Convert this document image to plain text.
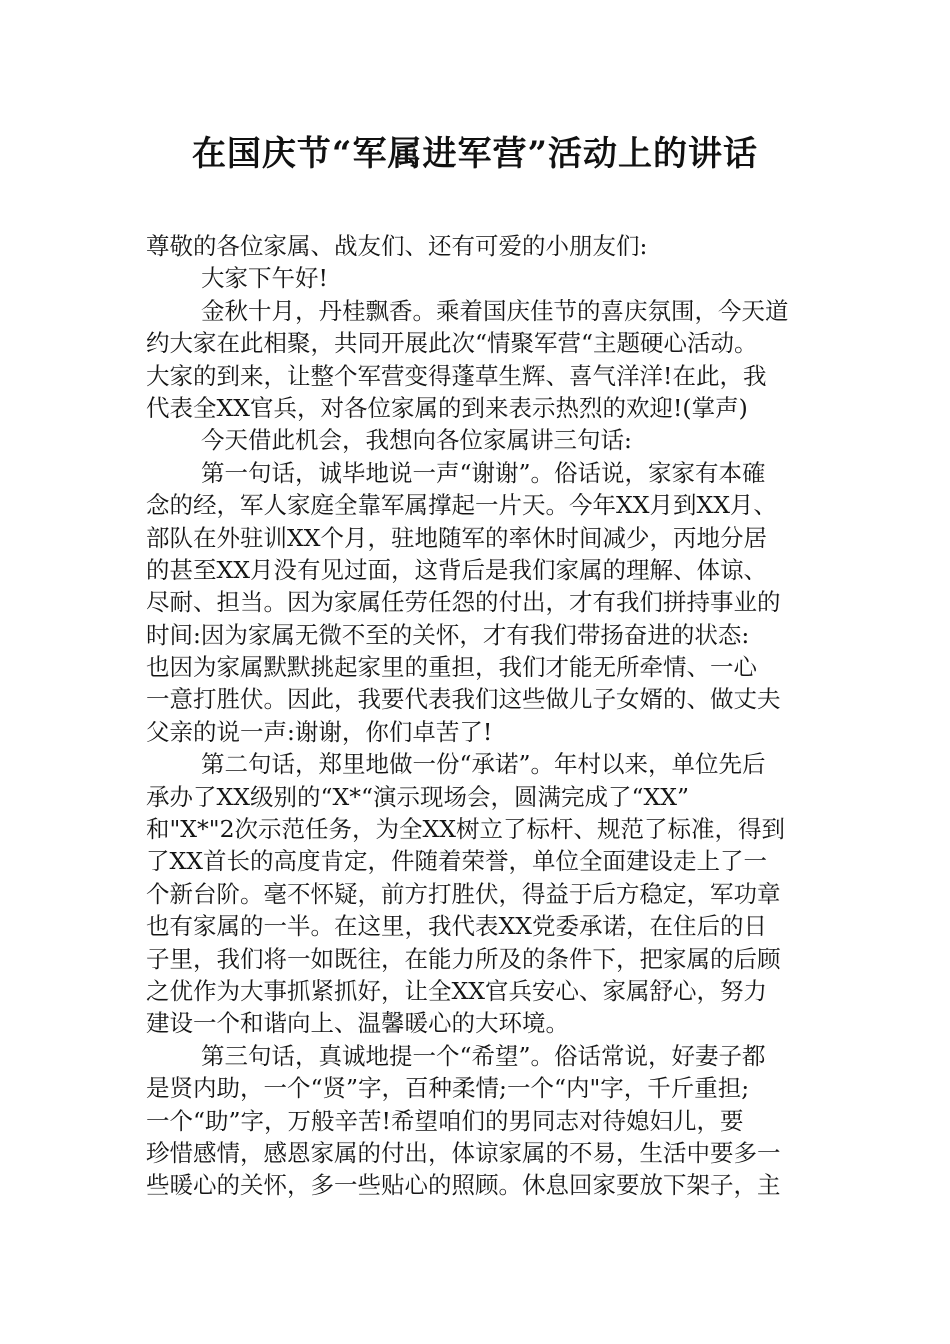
在国庆节“军属进军营”活动上的讲话
尊敬的各位家属、战友们、还有可爱的小朋友们:
大家下午好!
金秋十月，丹桂飘香。乘着国庆佳节的喜庆氛围，今天道
约大家在此相聚，共同开展此次“情聚军营“主题硬心活动。
大家的到来，让整个军营变得蓬草生辉、喜气洋洋!在此，我
代表全XX官兵，对各位家属的到来表示热烈的欢迎!(掌声)
今天借此机会，我想向各位家属讲三句话:
第一句话，诚毕地说一声“谢谢”。俗话说，家家有本確
念的经，军人家庭全靠军属撑起一片天。今年XX月到XX月、
部队在外驻训XX个月，驻地随军的率休时间减少，丙地分居
的甚至XX月没有见过面，这背后是我们家属的理解、体谅、
尽耐、担当。因为家属任劳任怨的付出，才有我们拼持事业的
时间:因为家属无微不至的关怀，才有我们带扬奋进的状态:
也因为家属默默挑起家里的重担，我们才能无所牵情、一心
一意打胜伏。因此，我要代表我们这些做儿子女婿的、做丈夫
父亲的说一声:谢谢，你们卓苦了!
第二句话，郑里地做一份“承诺”。年村以来，单位先后
承办了XX级别的“X*“演示现场会，圆满完成了“XX”
和"X*"2次示范任务，为全XX树立了标杆、规范了标准，得到
了XX首长的高度肯定，件随着荣誉，单位全面建设走上了一
个新台阶。毫不怀疑，前方打胜伏，得益于后方稳定，军功章
也有家属的一半。在这里，我代表XX党委承诺，在住后的日
子里，我们将一如既往，在能力所及的条件下，把家属的后顾
之优作为大事抓紧抓好，让全XX官兵安心、家属舒心，努力
建设一个和谐向上、温馨暖心的大环境。
第三句话，真诚地提一个“希望”。俗话常说，好妻子都
是贤内助，一个“贤”字，百种柔情;一个“内"字，千斤重担;
一个“助”字，万般辛苦!希望咱们的男同志对待媳妇儿，要
珍惜感情，感恩家属的付出，体谅家属的不易，生活中要多一
些暖心的关怀，多一些贴心的照顾。休息回家要放下架子，主
